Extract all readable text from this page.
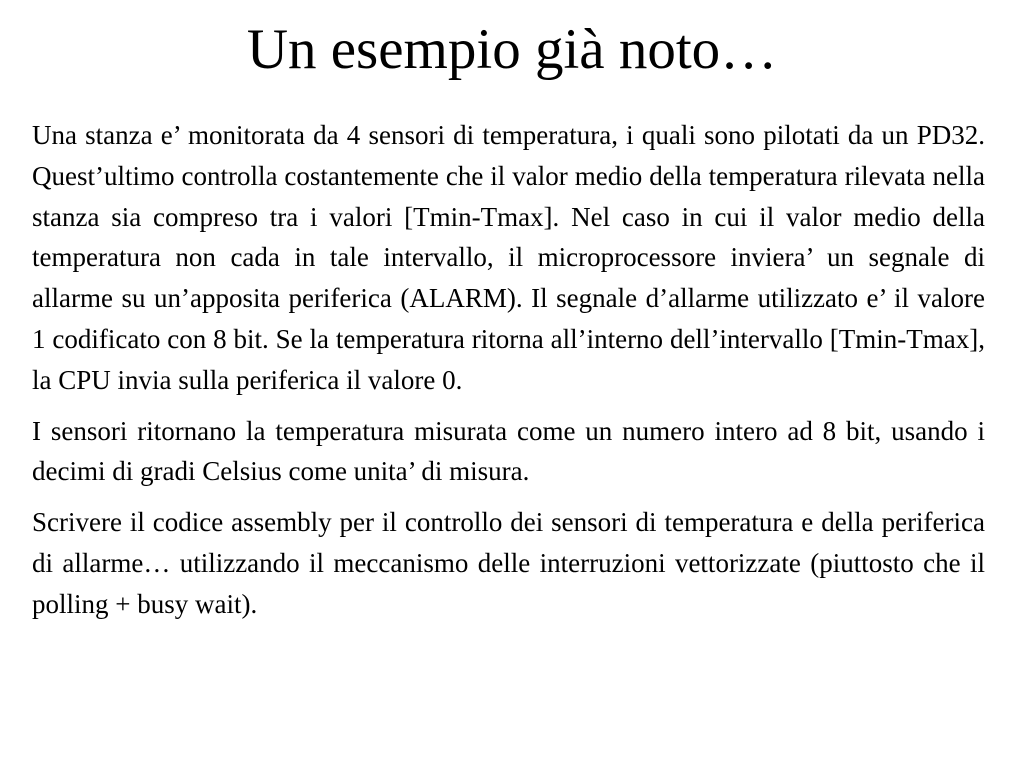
Un esempio già noto…

Una stanza e’ monitorata da 4 sensori di temperatura, i quali sono pilotati da un PD32. Quest’ultimo controlla costantemente che il valor medio della temperatura rilevata nella stanza sia compreso tra i valori [Tmin-Tmax]. Nel caso in cui il valor medio della temperatura non cada in tale intervallo, il microprocessore inviera’ un segnale di allarme su un’apposita periferica (ALARM). Il segnale d’allarme utilizzato e’ il valore 1 codificato con 8 bit. Se la temperatura ritorna all’interno dell’intervallo [Tmin-Tmax], la CPU invia sulla periferica il valore 0.

I sensori ritornano la temperatura misurata come un numero intero ad 8 bit, usando i decimi di gradi Celsius come unita’ di misura.

Scrivere il codice assembly per il controllo dei sensori di temperatura e della periferica di allarme… utilizzando il meccanismo delle interruzioni vettorizzate (piuttosto che il polling + busy wait).
